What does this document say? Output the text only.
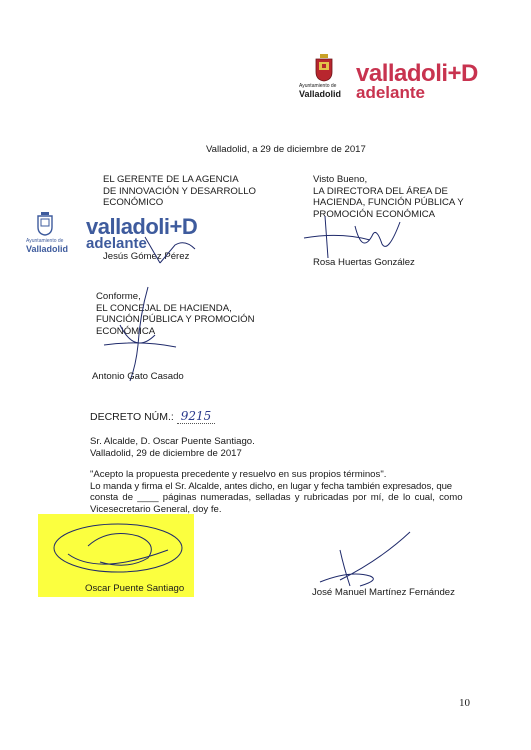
Ayuntamiento de
Valladolid
valladoli+D
adelante
Valladolid, a 29 de diciembre de 2017
EL GERENTE DE LA AGENCIA
DE INNOVACIÓN Y DESARROLLO
ECONÓMICO
Ayuntamiento de
Valladolid
valladoli+D
adelante
Jesús Gómez Pérez
Visto Bueno,
LA DIRECTORA DEL ÁREA DE
HACIENDA, FUNCIÓN PÚBLICA Y
PROMOCIÓN ECONÓMICA
Rosa Huertas González
Conforme,
EL CONCEJAL DE HACIENDA,
FUNCIÓN PÚBLICA Y PROMOCIÓN
ECONÓMICA
Antonio Gato Casado
DECRETO NÚM.: 9215
Sr. Alcalde, D. Oscar Puente Santiago.
Valladolid, 29 de diciembre de 2017
"Acepto la propuesta precedente y resuelvo en sus propios términos".
Lo manda y firma el Sr. Alcalde, antes dicho, en lugar y fecha también expresados, que
consta de ____ páginas numeradas, selladas y rubricadas por mí, de lo cual, como
Vicesecretario General, doy fe.
Oscar Puente Santiago	José Manuel Martínez Fernández
10
